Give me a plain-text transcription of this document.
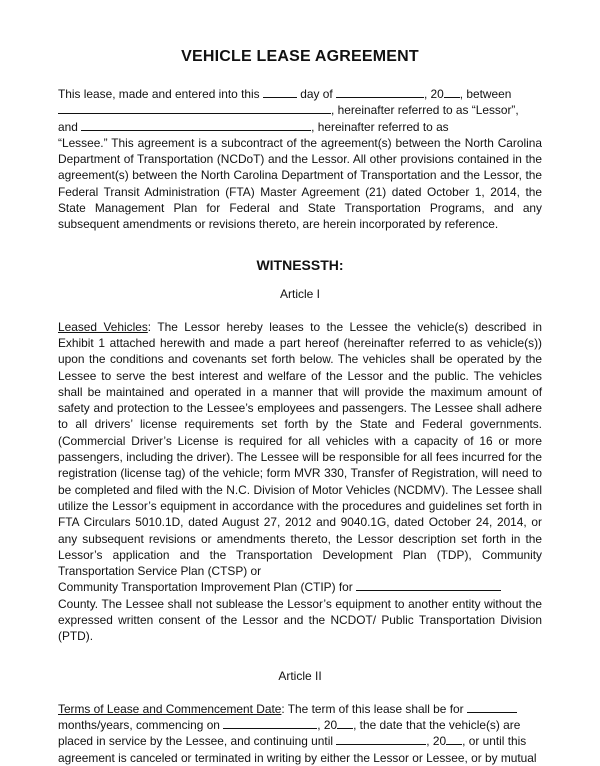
VEHICLE LEASE AGREEMENT
This lease, made and entered into this	day of	, 20 , between
, hereinafter referred to as “Lessor”,
and	, hereinafter referred to as

“Lessee.” This agreement is a subcontract of the agreement(s) between the North Carolina Department of Transportation (NCDoT) and the Lessor. All other provisions contained in the agreement(s) between the North Carolina Department of Transportation and the Lessor, the Federal Transit Administration (FTA) Master Agreement (21) dated October 1, 2014, the State Management Plan for Federal and State Transportation Programs, and any subsequent amendments or revisions thereto, are herein incorporated by reference.

WITNESSTH:
Article I

Leased Vehicles: The Lessor hereby leases to the Lessee the vehicle(s) described in Exhibit 1 attached herewith and made a part hereof (hereinafter referred to as vehicle(s)) upon the conditions and covenants set forth below. The vehicles shall be operated by the Lessee to serve the best interest and welfare of the Lessor and the public. The vehicles shall be maintained and operated in a manner that will provide the maximum amount of safety and protection to the Lessee’s employees and passengers. The Lessee shall adhere to all drivers’ license requirements set forth by the State and Federal governments. (Commercial Driver’s License is required for all vehicles with a capacity of 16 or more passengers, including the driver). The Lessee will be responsible for all fees incurred for the registration (license tag) of the vehicle; form MVR 330, Transfer of Registration, will need to be completed and filed with the N.C. Division of Motor Vehicles (NCDMV). The Lessee shall utilize the Lessor’s equipment in accordance with the procedures and guidelines set forth in FTA Circulars 5010.1D, dated August 27, 2012 and 9040.1G, dated October 24, 2014, or any subsequent revisions or amendments thereto, the Lessor description set forth in the Lessor’s application and the Transportation Development Plan (TDP), Community Transportation Service Plan (CTSP) or

Community Transportation Improvement Plan (CTIP) for

County. The Lessee shall not sublease the Lessor’s equipment to another entity without the expressed written consent of the Lessor and the NCDOT/ Public Transportation Division (PTD).

Article II
Terms of Lease and Commencement Date: The term of this lease shall be for
months/years, commencing on	, 20 , the date that the vehicle(s) are
placed in service by the Lessee, and continuing until	, 20 , or until this

agreement is canceled or terminated in writing by either the Lessor or Lessee, or by mutual
